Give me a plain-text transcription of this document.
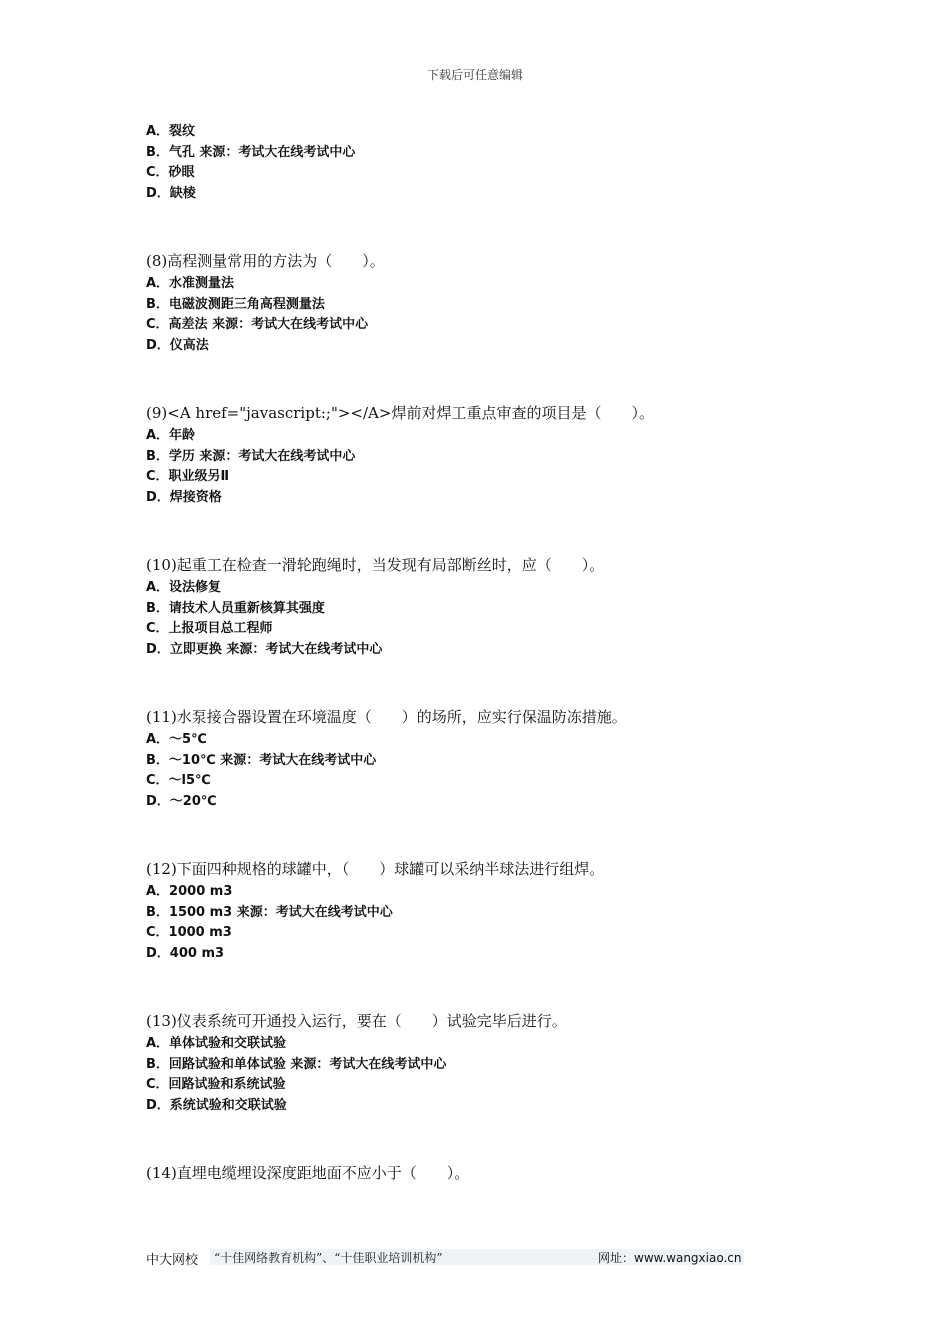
下载后可任意编辑
A．裂纹
B．气孔 来源：考试大在线考试中心
C．砂眼
D．缺棱
(8)高程测量常用的方法为（　　）。
A．水准测量法
B．电磁波测距三角高程测量法
C．高差法 来源：考试大在线考试中心
D．仪高法
(9)<A href="javascript:;"></A>焊前对焊工重点审查的项目是（　　）。
A．年龄
B．学历 来源：考试大在线考试中心
C．职业级另Ⅱ
D．焊接资格
(10)起重工在检查一滑轮跑绳时，当发现有局部断丝时，应（　　）。
A．设法修复
B．请技术人员重新核算其强度
C．上报项目总工程师
D．立即更换 来源：考试大在线考试中心
(11)水泵接合器设置在环境温度（　　）的场所，应实行保温防冻措施。
A．～5℃
B．～10℃ 来源：考试大在线考试中心
C．～l5℃
D．～20℃
(12)下面四种规格的球罐中，（　　）球罐可以采纳半球法进行组焊。
A．2000 m3
B．1500 m3 来源：考试大在线考试中心
C．1000 m3
D．400 m3
(13)仪表系统可开通投入运行，要在（　　）试验完毕后进行。
A．单体试验和交联试验
B．回路试验和单体试验 来源：考试大在线考试中心
C．回路试验和系统试验
D．系统试验和交联试验
(14)直埋电缆埋设深度距地面不应小于（　　）。
中大网校	“十佳网络教育机构”、“十佳职业培训机构”	网址：www.wangxiao.cn
